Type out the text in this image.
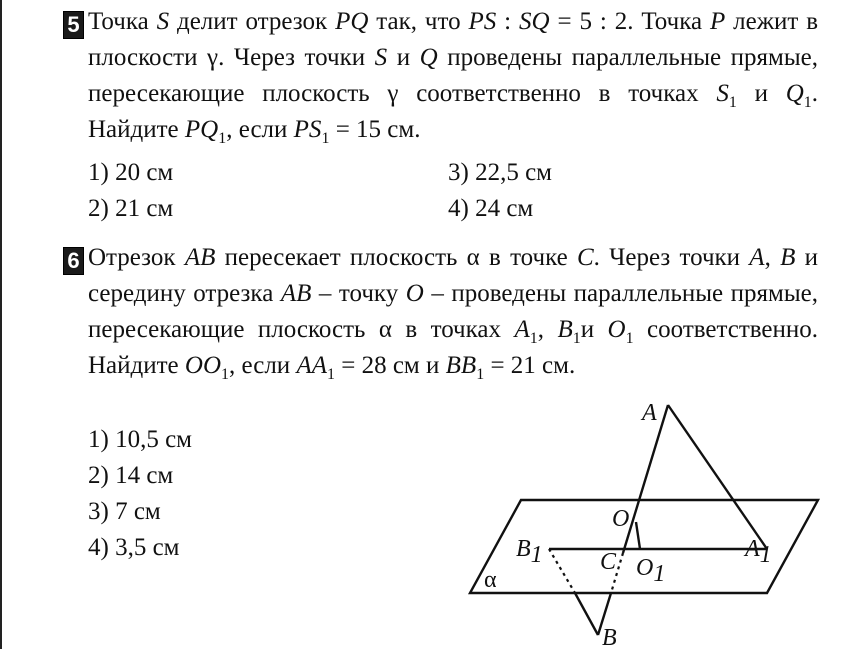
5 Точка S делит отрезок PQ так, что PS : SQ = 5 : 2. Точка P лежит в плоскости γ. Через точки S и Q проведены параллельные прямые, пересекающие плоскость γ соответственно в точках $S_1$ и $Q_1$. Найдите $PQ_1$, если $PS_1 = 15$ см.

1) 20 см
2) 21 см
3) 22,5 см
4) 24 см
6 Отрезок AB пересекает плоскость α в точке C. Через точки A, B и середину отрезка AB – точку O – проведены параллельные прямые, пересекающие плоскость α в точках $A_1$, $B_1и$ $O_1$ соответственно. Найдите $OO_1$, если $AA_1 = 28$ см и $BB_1 = 21$ см.

1) 10,5 см
2) 14 см
3) 7 см
4) 3,5 см
A
O
B1 C O1
A1
α
B
